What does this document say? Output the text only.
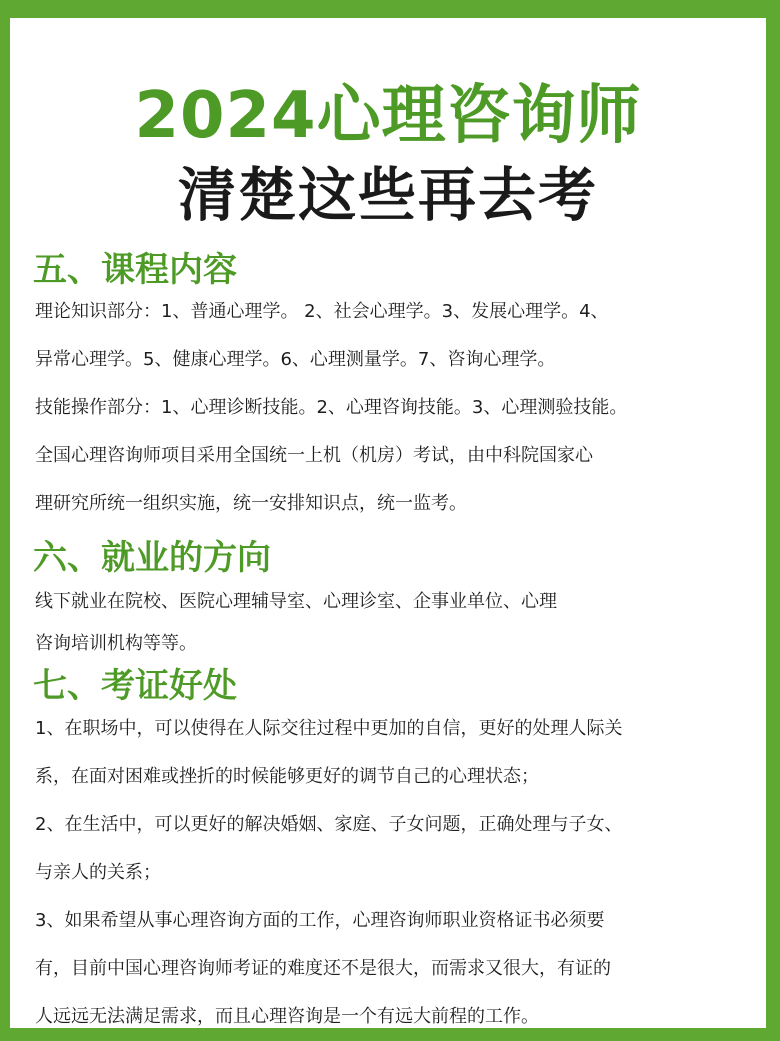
2024心理咨询师
清楚这些再去考
五、课程内容
理论知识部分：1、普通心理学。 2、社会心理学。3、发展心理学。4、
异常心理学。5、健康心理学。6、心理测量学。7、咨询心理学。
技能操作部分：1、心理诊断技能。2、心理咨询技能。3、心理测验技能。
全国心理咨询师项目采用全国统一上机（机房）考试，由中科院国家心
理研究所统一组织实施，统一安排知识点，统一监考。
六、就业的方向
线下就业在院校、医院心理辅导室、心理诊室、企事业单位、心理
咨询培训机构等等。
七、考证好处
1、在职场中，可以使得在人际交往过程中更加的自信，更好的处理人际关
系，在面对困难或挫折的时候能够更好的调节自己的心理状态；
2、在生活中，可以更好的解决婚姻、家庭、子女问题，正确处理与子女、
与亲人的关系；
3、如果希望从事心理咨询方面的工作，心理咨询师职业资格证书必须要
有，目前中国心理咨询师考证的难度还不是很大，而需求又很大，有证的
人远远无法满足需求，而且心理咨询是一个有远大前程的工作。
